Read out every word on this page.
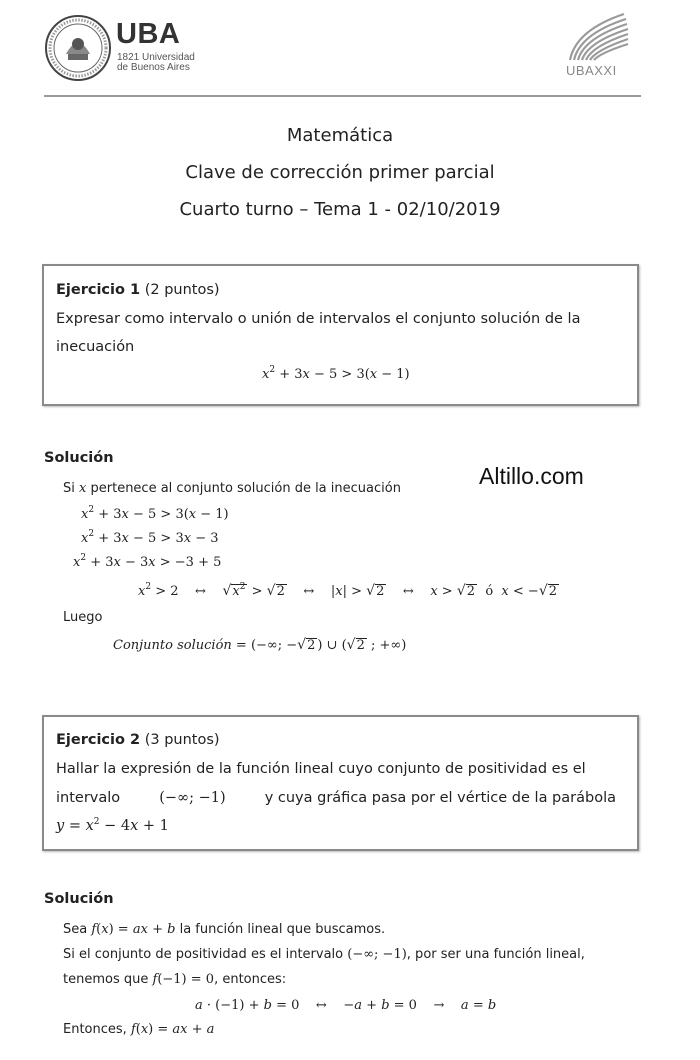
UBA
1821 Universidad
de Buenos Aires	UBAXXI
Matemática
Clave de corrección primer parcial
Cuarto turno – Tema 1 - 02/10/2019
Ejercicio 1 (2 puntos)
Expresar como intervalo o unión de intervalos el conjunto solución de la
inecuación
$x^2 + 3x - 5 > 3(x - 1)$
Solución
Si x pertenece al conjunto solución de la inecuación
$x^2 + 3x - 5 > 3(x - 1)$
$x^2 + 3x - 5 > 3x - 3$
$x^2 + 3x - 3x > -3 + 5$
$x^2 > 2$ ↔ $√x^2 > √2$ ↔ |x| > √2 ↔    x > √2  ó  x < −√2
Luego
Conjunto solución = (−∞; −√2 ) ∪ (√2 ; +∞)
Altillo.com
Ejercicio 2 (3 puntos)
Hallar la expresión de la función lineal cuyo conjunto de positividad es el
intervalo	(−∞; −1)	y cuya gráfica pasa por el vértice de la parábola
$y = x^2 - 4x + 1$
Solución
Sea f(x) = ax + b la función lineal que buscamos.
Si el conjunto de positividad es el intervalo (−∞; −1), por ser una función lineal,
tenemos que f(−1) = 0, entonces:
a · (−1) + b = 0 ↔ −a + b = 0 →    a = b
Entonces, f(x) = ax + a
